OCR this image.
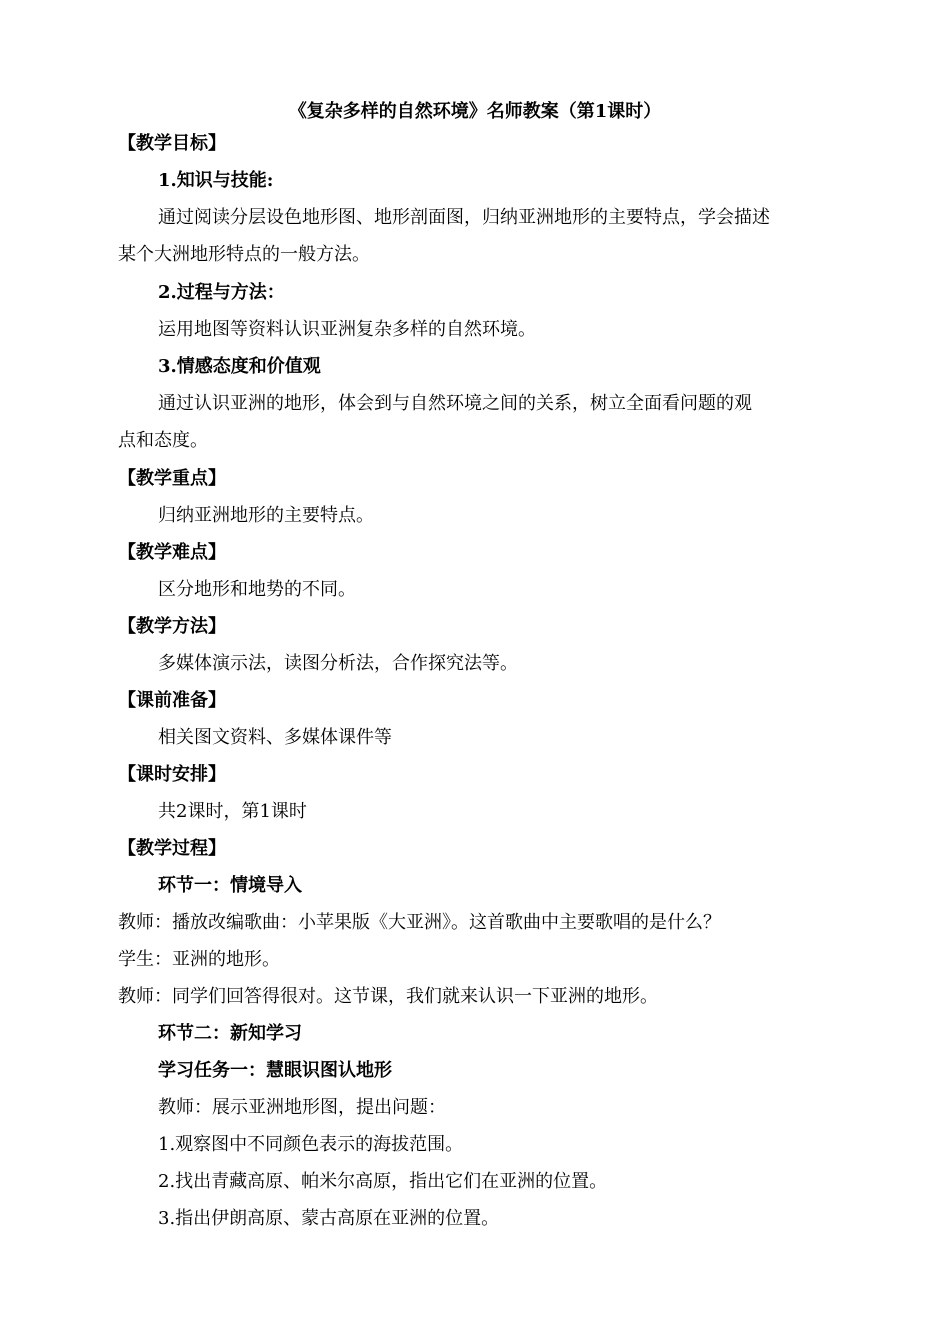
《复杂多样的自然环境》名师教案（第1课时）
【教学目标】
1.知识与技能:
通过阅读分层设色地形图、地形剖面图，归纳亚洲地形的主要特点，学会描述
某个大洲地形特点的一般方法。
2.过程与方法：
运用地图等资料认识亚洲复杂多样的自然环境。
3.情感态度和价值观
通过认识亚洲的地形，体会到与自然环境之间的关系，树立全面看问题的观
点和态度。
【教学重点】
归纳亚洲地形的主要特点。
【教学难点】
区分地形和地势的不同。
【教学方法】
多媒体演示法，读图分析法，合作探究法等。
【课前准备】
相关图文资料、多媒体课件等
【课时安排】
共2课时，第1课时
【教学过程】
环节一：情境导入
教师：播放改编歌曲：小苹果版《大亚洲》。这首歌曲中主要歌唱的是什么？
学生：亚洲的地形。
教师：同学们回答得很对。这节课，我们就来认识一下亚洲的地形。
环节二：新知学习
学习任务一：慧眼识图认地形
教师：展示亚洲地形图，提出问题：
1.观察图中不同颜色表示的海拔范围。
2.找出青藏高原、帕米尔高原，指出它们在亚洲的位置。
3.指出伊朗高原、蒙古高原在亚洲的位置。
